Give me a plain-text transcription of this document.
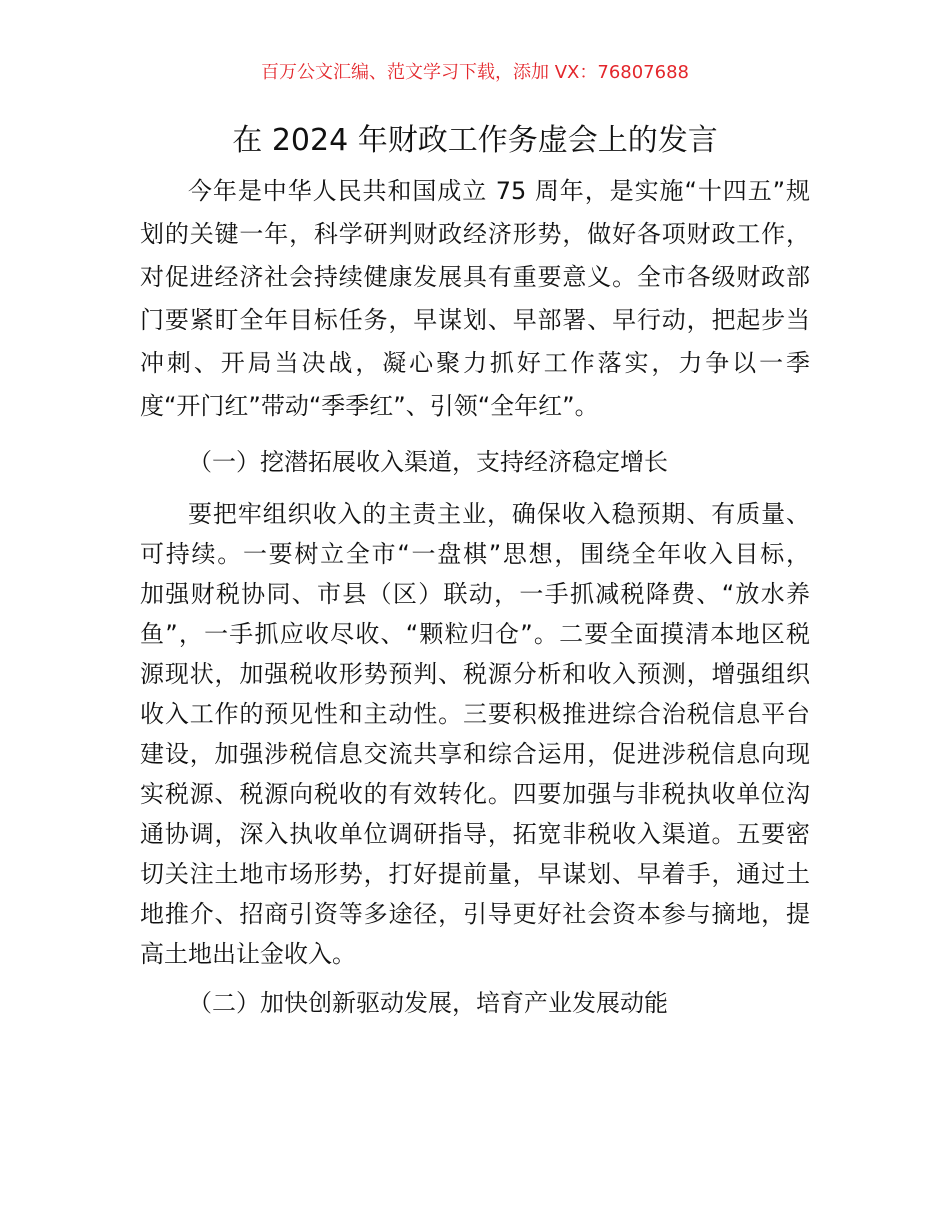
百万公文汇编、范文学习下载，添加 VX：76807688
在 2024 年财政工作务虚会上的发言
今年是中华人民共和国成立 75 周年，是实施“十四五”规
划的关键一年，科学研判财政经济形势，做好各项财政工作，
对促进经济社会持续健康发展具有重要意义。全市各级财政部
门要紧盯全年目标任务，早谋划、早部署、早行动，把起步当
冲刺、开局当决战，凝心聚力抓好工作落实，力争以一季
度“开门红”带动“季季红”、引领“全年红”。
（一）挖潜拓展收入渠道，支持经济稳定增长
要把牢组织收入的主责主业，确保收入稳预期、有质量、
可持续。一要树立全市“一盘棋”思想，围绕全年收入目标，
加强财税协同、市县（区）联动，一手抓减税降费、“放水养
鱼”，一手抓应收尽收、“颗粒归仓”。二要全面摸清本地区税
源现状，加强税收形势预判、税源分析和收入预测，增强组织
收入工作的预见性和主动性。三要积极推进综合治税信息平台
建设，加强涉税信息交流共享和综合运用，促进涉税信息向现
实税源、税源向税收的有效转化。四要加强与非税执收单位沟
通协调，深入执收单位调研指导，拓宽非税收入渠道。五要密
切关注土地市场形势，打好提前量，早谋划、早着手，通过土
地推介、招商引资等多途径，引导更好社会资本参与摘地，提
高土地出让金收入。
（二）加快创新驱动发展，培育产业发展动能
